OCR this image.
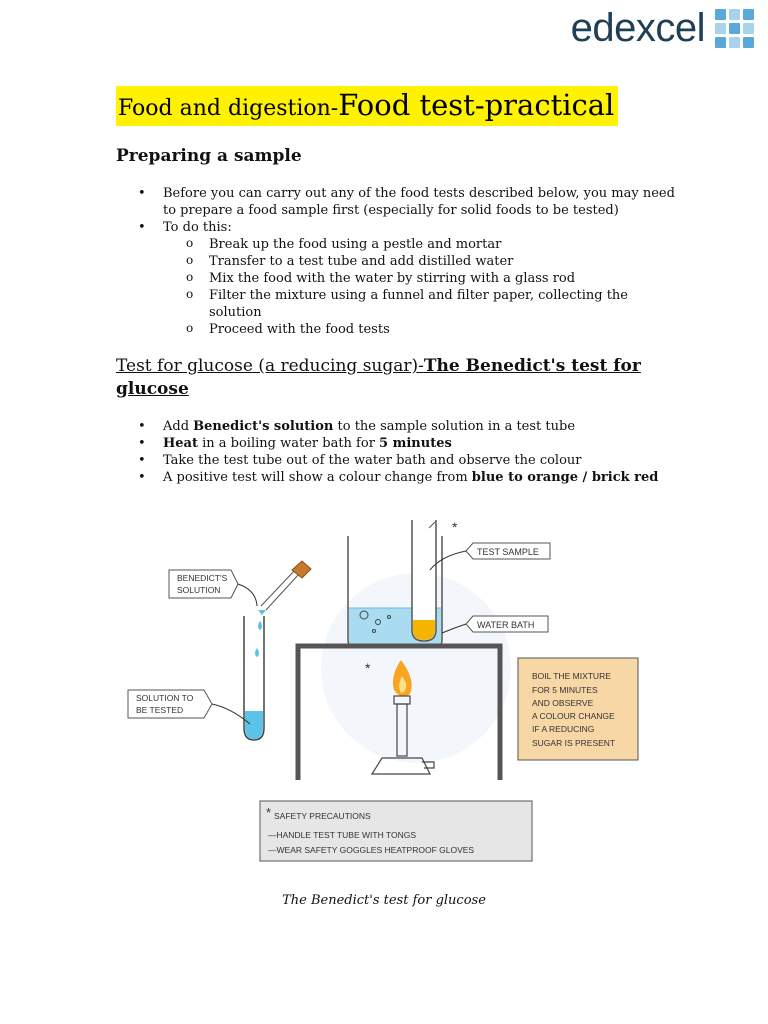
edexcel
Food and digestion-Food test-practical
Preparing a sample
• Before you can carry out any of the food tests described below, you may need to prepare a food sample first (especially for solid foods to be tested)
• To do this:
o Break up the food using a pestle and mortar
o Transfer to a test tube and add distilled water
o Mix the food with the water by stirring with a glass rod
o Filter the mixture using a funnel and filter paper, collecting the solution
o Proceed with the food tests
Test for glucose (a reducing sugar)-The Benedict's test for glucose
• Add Benedict's solution to the sample solution in a test tube
• Heat in a boiling water bath for 5 minutes
• Take the test tube out of the water bath and observe the colour
• A positive test will show a colour change from blue to orange / brick red
BENEDICT'S
SOLUTION
SOLUTION TO
BE TESTED
*
TEST SAMPLE
WATER BATH
*	BOIL THE MIXTURE
FOR 5 MINUTES
AND OBSERVE
A COLOUR CHANGE
IF A REDUCING
SUGAR IS PRESENT
* SAFETY PRECAUTIONS
—HANDLE TEST TUBE WITH TONGS
—WEAR SAFETY GOGGLES HEATPROOF GLOVES
The Benedict's test for glucose
